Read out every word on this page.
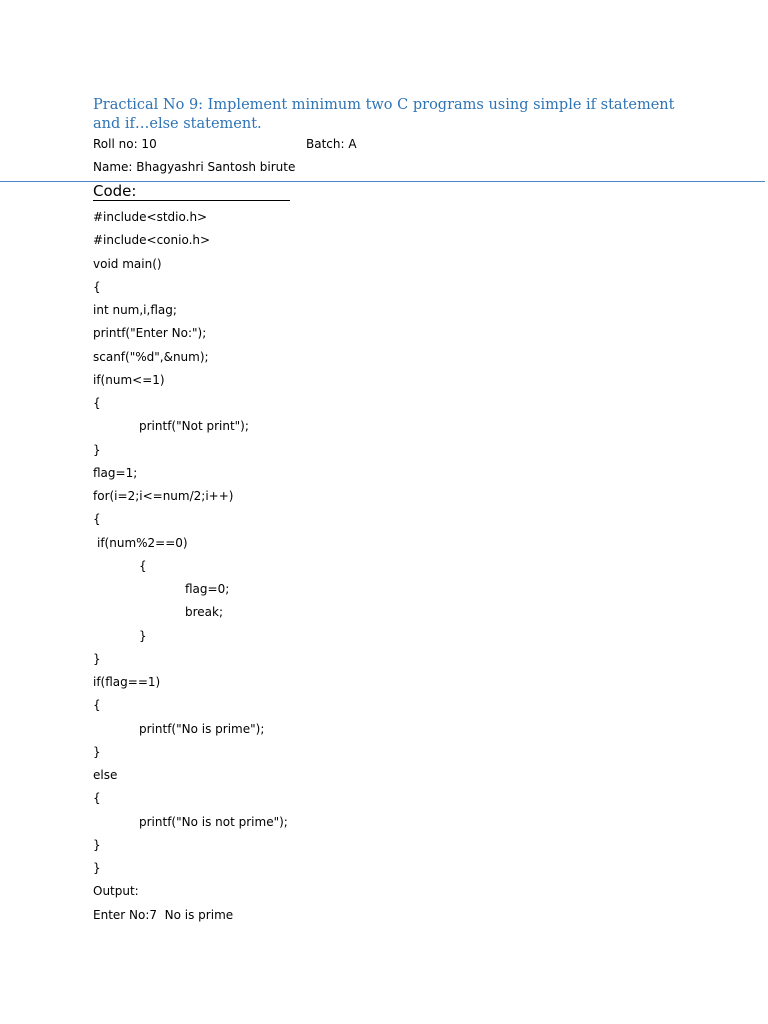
Practical No 9: Implement minimum two C programs using simple if statement and if…else statement.
Roll no: 10	Batch: A
Name: Bhagyashri Santosh birute
Code:
#include<stdio.h>
#include<conio.h>
void main()
{
int num,i,flag;
printf("Enter No:");
scanf("%d",&num);
if(num<=1)
{
printf("Not print");
}
flag=1;
for(i=2;i<=num/2;i++)
{
if(num%2==0)
{
flag=0;
break;
}
}
if(flag==1)
{
printf("No is prime");
}
else
{
printf("No is not prime");
}
}
Output:
Enter No:7  No is prime
